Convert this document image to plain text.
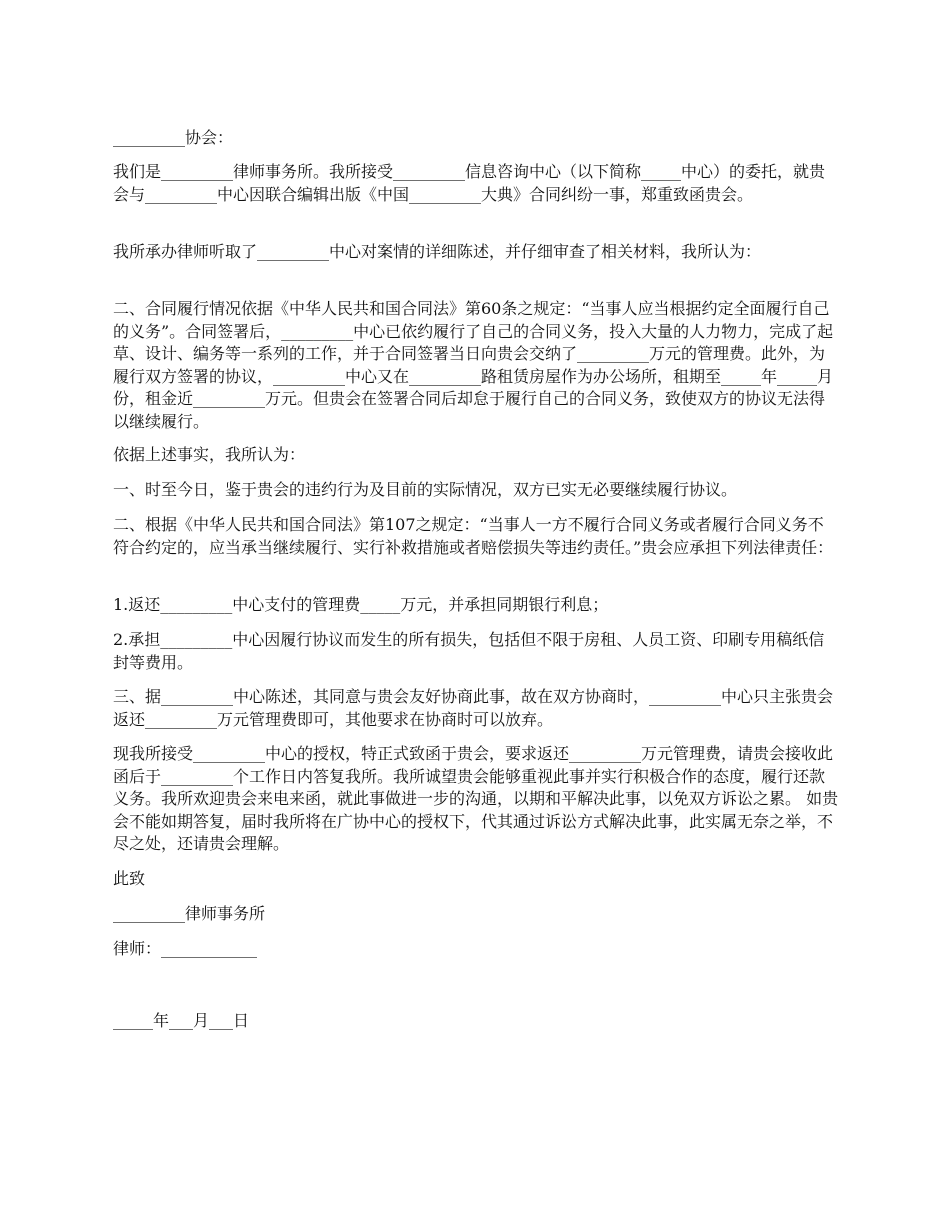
_________协会：

我们是_________律师事务所。我所接受_________信息咨询中心（以下简称_____中心）的委托，就贵会与_________中心因联合编辑出版《中国_________大典》合同纠纷一事，郑重致函贵会。

我所承办律师听取了_________中心对案情的详细陈述，并仔细审查了相关材料，我所认为：

二、合同履行情况依据《中华人民共和国合同法》第60条之规定：“当事人应当根据约定全面履行自己的义务”。合同签署后，_________中心已依约履行了自己的合同义务，投入大量的人力物力，完成了起草、设计、编务等一系列的工作，并于合同签署当日向贵会交纳了_________万元的管理费。此外，为履行双方签署的协议，_________中心又在_________路租赁房屋作为办公场所，租期至_____年_____月份，租金近_________万元。但贵会在签署合同后却怠于履行自己的合同义务，致使双方的协议无法得以继续履行。

依据上述事实，我所认为：

一、时至今日，鉴于贵会的违约行为及目前的实际情况，双方已实无必要继续履行协议。

二、根据《中华人民共和国合同法》第107之规定：“当事人一方不履行合同义务或者履行合同义务不符合约定的，应当承当继续履行、实行补救措施或者赔偿损失等违约责任。”贵会应承担下列法律责任：

1.返还_________中心支付的管理费_____万元，并承担同期银行利息；

2.承担_________中心因履行协议而发生的所有损失，包括但不限于房租、人员工资、印刷专用稿纸信封等费用。

三、据_________中心陈述，其同意与贵会友好协商此事，故在双方协商时，_________中心只主张贵会返还_________万元管理费即可，其他要求在协商时可以放弃。

现我所接受_________中心的授权，特正式致函于贵会，要求返还_________万元管理费，请贵会接收此函后于_________个工作日内答复我所。我所诚望贵会能够重视此事并实行积极合作的态度，履行还款义务。我所欢迎贵会来电来函，就此事做进一步的沟通，以期和平解决此事，以免双方诉讼之累。 如贵会不能如期答复，届时我所将在广协中心的授权下，代其通过诉讼方式解决此事，此实属无奈之举，不尽之处，还请贵会理解。

此致

_________律师事务所

律师：____________

_____年___月___日
